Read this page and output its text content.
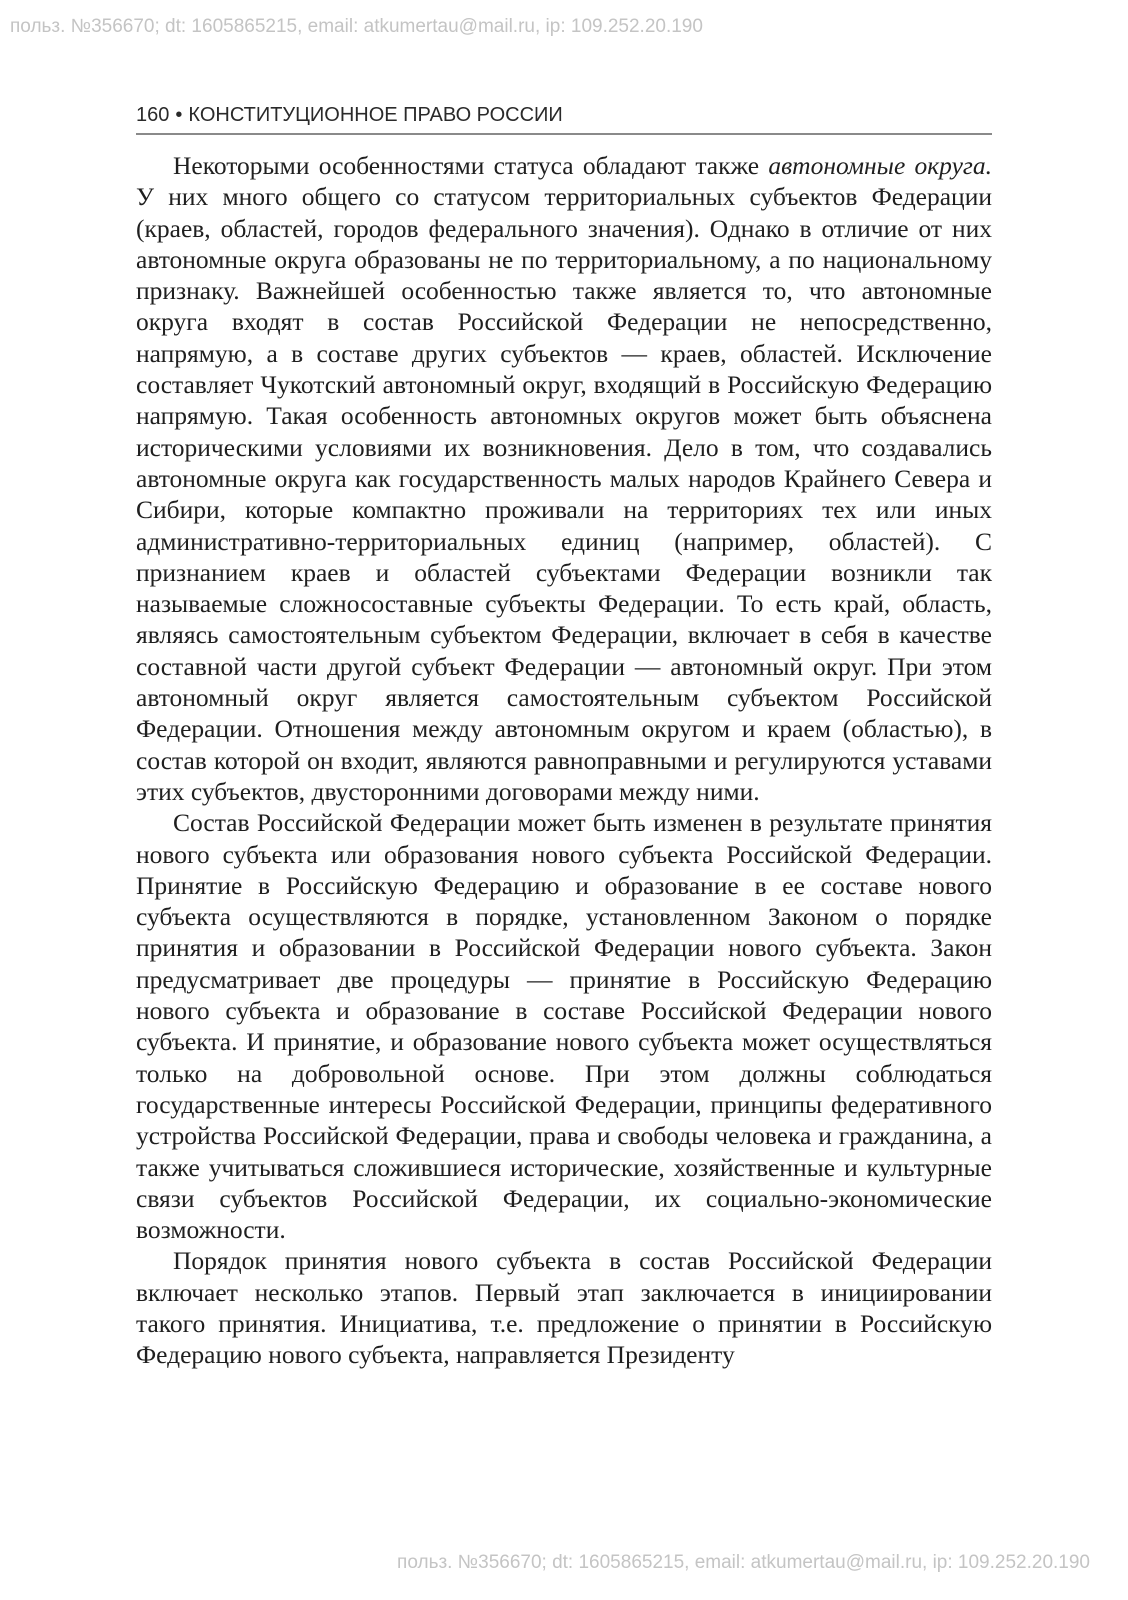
польз. №356670; dt: 1605865215, email: atkumertau@mail.ru, ip: 109.252.20.190
160 • КОНСТИТУЦИОННОЕ ПРАВО РОССИИ

Некоторыми особенностями статуса обладают также автономные округа. У них много общего со статусом территориальных субъектов Федерации (краев, областей, городов федерального значения). Однако в отличие от них автономные округа образованы не по территориальному, а по национальному признаку. Важнейшей особенностью также является то, что автономные округа входят в состав Российской Федерации не непосредственно, напрямую, а в составе других субъектов — краев, областей. Исключение составляет Чукотский автономный округ, входящий в Российскую Федерацию напрямую. Такая особенность автономных округов может быть объяснена историческими условиями их возникновения. Дело в том, что создавались автономные округа как государственность малых народов Крайнего Севера и Сибири, которые компактно проживали на территориях тех или иных административно-территориальных единиц (например, областей). С признанием краев и областей субъектами Федерации возникли так называемые сложносоставные субъекты Федерации. То есть край, область, являясь самостоятельным субъектом Федерации, включает в себя в качестве составной части другой субъект Федерации — автономный округ. При этом автономный округ является самостоятельным субъектом Российской Федерации. Отношения между автономным округом и краем (областью), в состав которой он входит, являются равноправными и регулируются уставами этих субъектов, двусторонними договорами между ними.

Состав Российской Федерации может быть изменен в результате принятия нового субъекта или образования нового субъекта Российской Федерации. Принятие в Российскую Федерацию и образование в ее составе нового субъекта осуществляются в порядке, установленном Законом о порядке принятия и образовании в Российской Федерации нового субъекта. Закон предусматривает две процедуры — принятие в Российскую Федерацию нового субъекта и образование в составе Российской Федерации нового субъекта. И принятие, и образование нового субъекта может осуществляться только на добровольной основе. При этом должны соблюдаться государственные интересы Российской Федерации, принципы федеративного устройства Российской Федерации, права и свободы человека и гражданина, а также учитываться сложившиеся исторические, хозяйственные и культурные связи субъектов Российской Федерации, их социально-экономические возможности.

Порядок принятия нового субъекта в состав Российской Федерации включает несколько этапов. Первый этап заключается в инициировании такого принятия. Инициатива, т.е. предложение о принятии в Российскую Федерацию нового субъекта, направляется Президенту

польз. №356670; dt: 1605865215, email: atkumertau@mail.ru, ip: 109.252.20.190
